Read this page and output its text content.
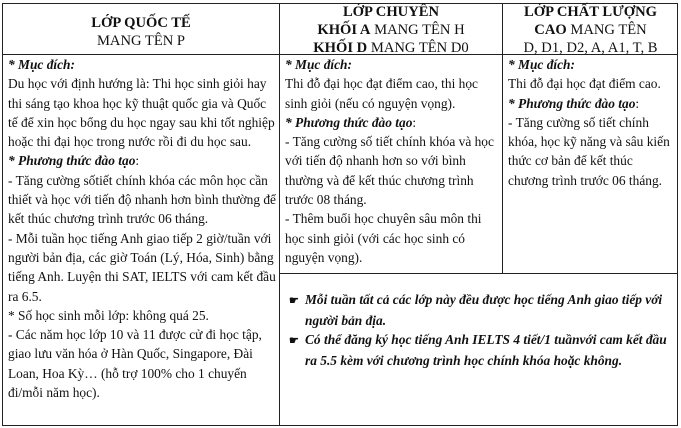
LỚP QUỐC TẾ
MANG TÊN P
LỚP CHUYÊN
KHỐI A MANG TÊN H
KHỐI D MANG TÊN D0
LỚP CHẤT LƯỢNG
CAO MANG TÊN
D, D1, D2, A, A1, T, B
* Mục đích:
Du học với định hướng là: Thi học sinh giỏi hay thi sáng tạo khoa học kỹ thuật quốc gia và Quốc tế để xin học bổng du học ngay sau khi tốt nghiệp hoặc thi đại học trong nước rồi đi du học sau.
* Phương thức đào tạo:
- Tăng cường sốtiết chính khóa các môn học cần thiết và học với tiến độ nhanh hơn bình thường để kết thúc chương trình trước 06 tháng.
- Mỗi tuần học tiếng Anh giao tiếp 2 giờ/tuần với người bản địa, các giờ Toán (Lý, Hóa, Sinh) bằng tiếng Anh. Luyện thi SAT, IELTS với cam kết đầu ra 6.5.
* Số học sinh mỗi lớp: không quá 25.
- Các năm học lớp 10 và 11 được cử đi học tập, giao lưu văn hóa ở Hàn Quốc, Singapore, Đài Loan, Hoa Kỳ… (hỗ trợ 100% cho 1 chuyến đi/mỗi năm học).
* Mục đích:
Thi đỗ đại học đạt điểm cao, thi học sinh giỏi (nếu có nguyện vọng).
* Phương thức đào tạo:
- Tăng cường số tiết chính khóa và học với tiến độ nhanh hơn so với bình thường và để kết thúc chương trình trước 08 tháng.
- Thêm buổi học chuyên sâu môn thi học sinh giỏi (với các học sinh có nguyện vọng).
* Mục đích:
Thi đỗ đại học đạt điểm cao.
* Phương thức đào tạo:
- Tăng cường số tiết chính khóa, học kỹ năng và sâu kiến thức cơ bản để kết thúc chương trình trước 06 tháng.
☛ Mỗi tuần tất cả các lớp này đều được học tiếng Anh giao tiếp với người bản địa.
☛ Có thể đăng ký học tiếng Anh IELTS 4 tiết/1 tuầnvới cam kết đầu ra 5.5 kèm với chương trình học chính khóa hoặc không.
